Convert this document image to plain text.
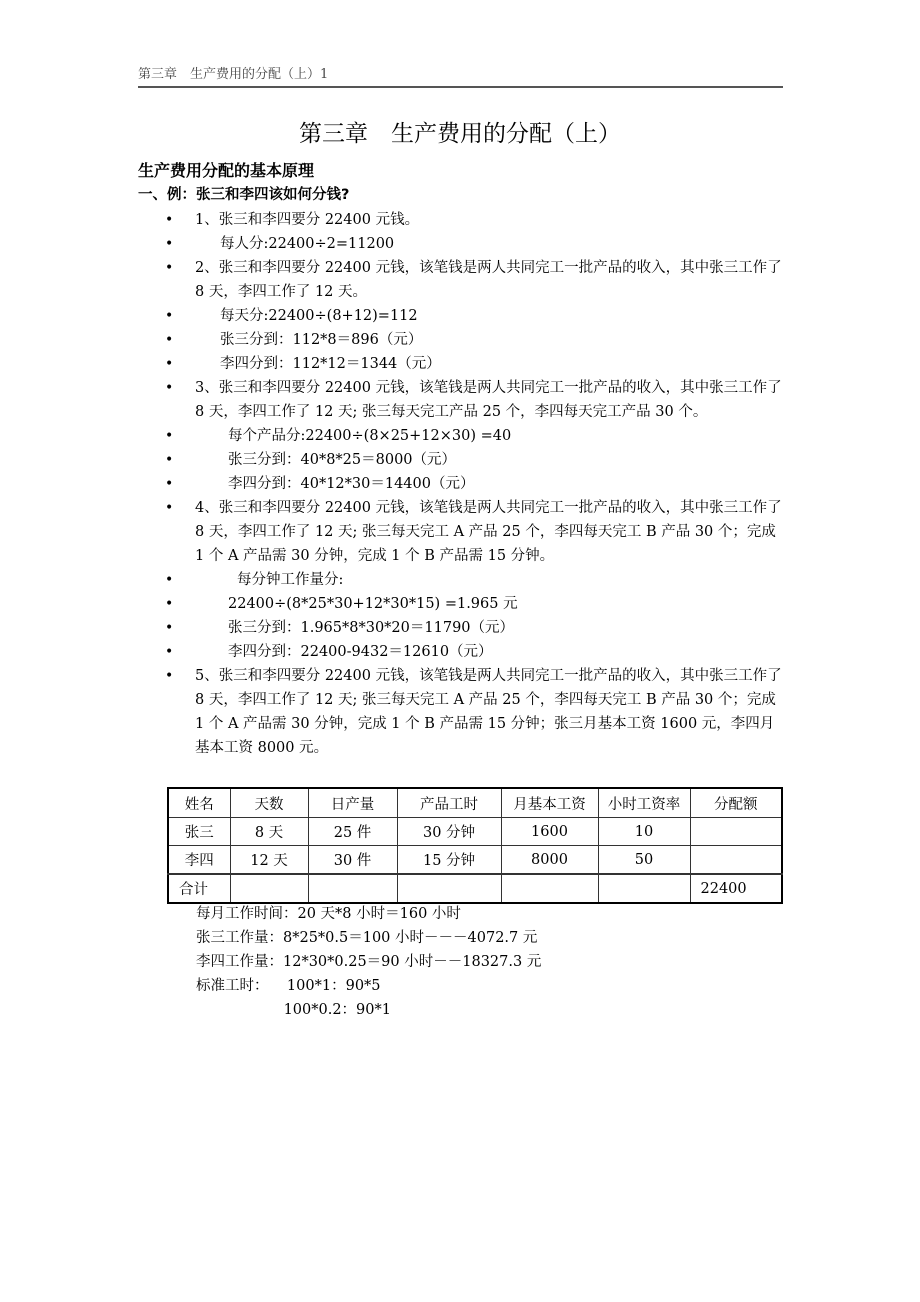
第三章　生产费用的分配（上）1
第三章　生产费用的分配（上）
生产费用分配的基本原理
一、例：张三和李四该如何分钱?
• 1、张三和李四要分 22400 元钱。
•	每人分:22400÷2=11200
• 2、张三和李四要分 22400 元钱，该笔钱是两人共同完工一批产品的收入，其中张三工作了 8 天，李四工作了 12 天。
•	每天分:22400÷(8+12)=112
•	张三分到：112*8＝896（元）
•	李四分到：112*12＝1344（元）
• 3、张三和李四要分 22400 元钱，该笔钱是两人共同完工一批产品的收入，其中张三工作了 8 天，李四工作了 12 天; 张三每天完工产品 25 个，李四每天完工产品 30 个。
•	每个产品分:22400÷(8×25+12×30) =40
•	张三分到：40*8*25＝8000（元）
•	李四分到：40*12*30＝14400（元）
• 4、张三和李四要分 22400 元钱，该笔钱是两人共同完工一批产品的收入，其中张三工作了 8 天，李四工作了 12 天; 张三每天完工 A 产品 25 个，李四每天完工 B 产品 30 个；完成 1 个 A 产品需 30 分钟，完成 1 个 B 产品需 15 分钟。
•	每分钟工作量分:
•	22400÷(8*25*30+12*30*15) =1.965 元
•	张三分到：1.965*8*30*20＝11790（元）
•	李四分到：22400-9432＝12610（元）
• 5、张三和李四要分 22400 元钱，该笔钱是两人共同完工一批产品的收入，其中张三工作了 8 天，李四工作了 12 天; 张三每天完工 A 产品 25 个，李四每天完工 B 产品 30 个；完成 1 个 A 产品需 30 分钟，完成 1 个 B 产品需 15 分钟；张三月基本工资 1600 元，李四月基本工资 8000 元。
姓名	天数	日产量	产品工时	月基本工资	小时工资率	分配额
张三	8 天	25 件	30 分钟	1600	10	
李四	12 天	30 件	15 分钟	8000	50	
合计						22400
每月工作时间：20 天*8 小时＝160 小时
张三工作量：8*25*0.5＝100 小时－－－4072.7 元
李四工作量：12*30*0.25＝90 小时－－18327.3 元
标准工时：    100*1：90*5
100*0.2：90*1
